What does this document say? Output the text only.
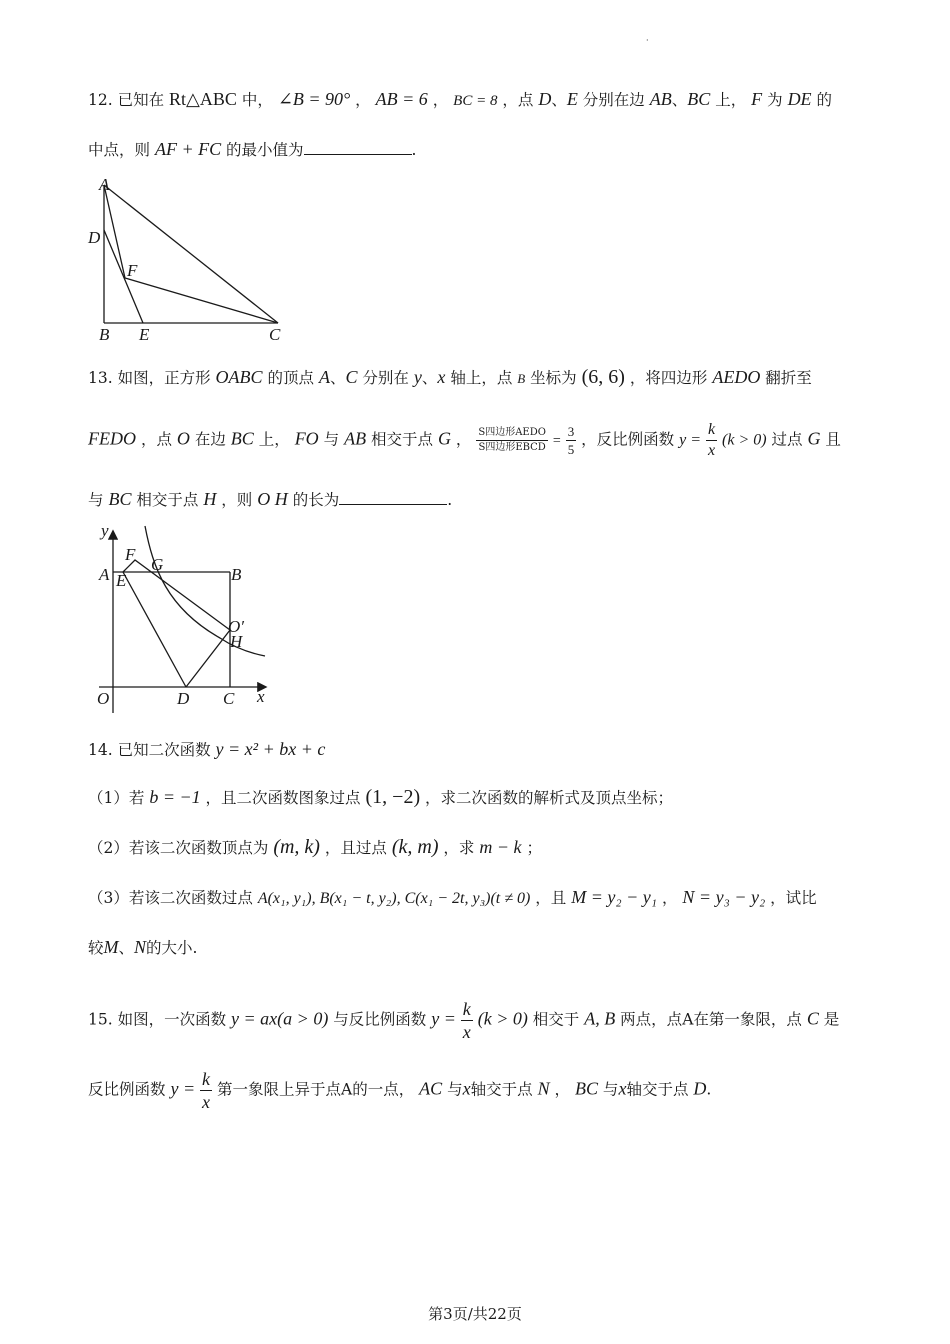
·
12. 已知在 Rt△ABC 中， ∠B = 90° ， AB = 6 ， BC = 8 ，点 D、E 分别在边 AB、BC 上， F 为 DE 的
中点，则 AF + FC 的最小值为	.
A
D
F
B E	C
13. 如图，正方形 OABC 的顶点 A、C 分别在 y、x 轴上，点 B 坐标为 (6, 6) ，将四边形 AEDO 翻折至
FEDO ，点 O 在边 BC 上， FO 与 AB 相交于点 G ， $\frac{\text{S四边形AEDO}}{\text{S四边形EBCD}} = \frac{3}{5}$ ，反比例函数 $y = \frac{k}{x} (k > 0)$ 过点 G 且
与 BC 相交于点 H ，则 O H 的长为	.
y
F
G
A E	B
O′
H
O	D C x
14. 已知二次函数 y = x² + bx + c
（1）若 b = −1 ，且二次函数图象过点 (1, −2) ，求二次函数的解析式及顶点坐标；
（2）若该二次函数顶点为 (m, k) ，且过点 (k, m) ，求 m − k ；
（3）若该二次函数过点 A(x₁, y₁), B(x₁ − t, y₂), C(x₁ − 2t, y₃)(t ≠ 0) ，且 M = y₂ − y₁ ， N = y₃ − y₂ ，试比
较M、N的大小.
15. 如图，一次函数 y = ax(a > 0) 与反比例函数 $y = \frac{k}{x} (k > 0)$ 相交于 A, B 两点，点A在第一象限，点 C 是
反比例函数 $y = \frac{k}{x}$ 第一象限上异于点A的一点， AC 与x轴交于点 N ， BC 与x轴交于点 D.
第3页/共22页
